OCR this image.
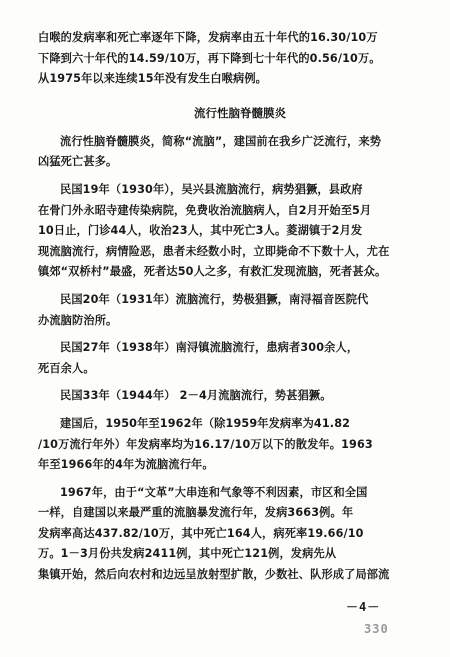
白喉的发病率和死亡率逐年下降，发病率由五十年代的16.30/10万
下降到六十年代的14.59/10万，再下降到七十年代的0.56/10万。
从1975年以来连续15年没有发生白喉病例。
流行性脑脊髓膜炎
流行性脑脊髓膜炎，简称“流脑”，建国前在我乡广泛流行，来势
凶猛死亡甚多。
民国19年（1930年），吴兴县流脑流行，病势猖獗，县政府
在骨门外永昭寺建传染病院，免费收治流脑病人，自2月开始至5月
10日止，门诊44人，收治23人，其中死亡3人。菱湖镇于2月发
现流脑流行，病情险恶，患者未经数小时，立即毙命不下数十人，尤在
镇郊“双桥村”最盛，死者达50人之多，有救汇发现流脑，死者甚众。
民国20年（1931年）流脑流行，势极猖獗，南浔福音医院代
办流脑防治所。
民国27年（1938年）南浔镇流脑流行，患病者300余人，
死百余人。
民国33年（1944年） 2－4月流脑流行，势甚猖獗。
建国后，1950年至1962年（除1959年发病率为41.82
/10万流行年外）年发病率均为16.17/10万以下的散发年。1963
年至1966年的4年为流脑流行年。
1967年，由于“文革”大串连和气象等不利因素，市区和全国
一样，自建国以来最严重的流脑暴发流行年，发病3663例。年
发病率高达437.82/10万，其中死亡164人，病死率19.66/10
万。1－3月份共发病2411例，其中死亡121例，发病先从
集镇开始，然后向农村和边远呈放射型扩散，少数社、队形成了局部流
－4－
330
